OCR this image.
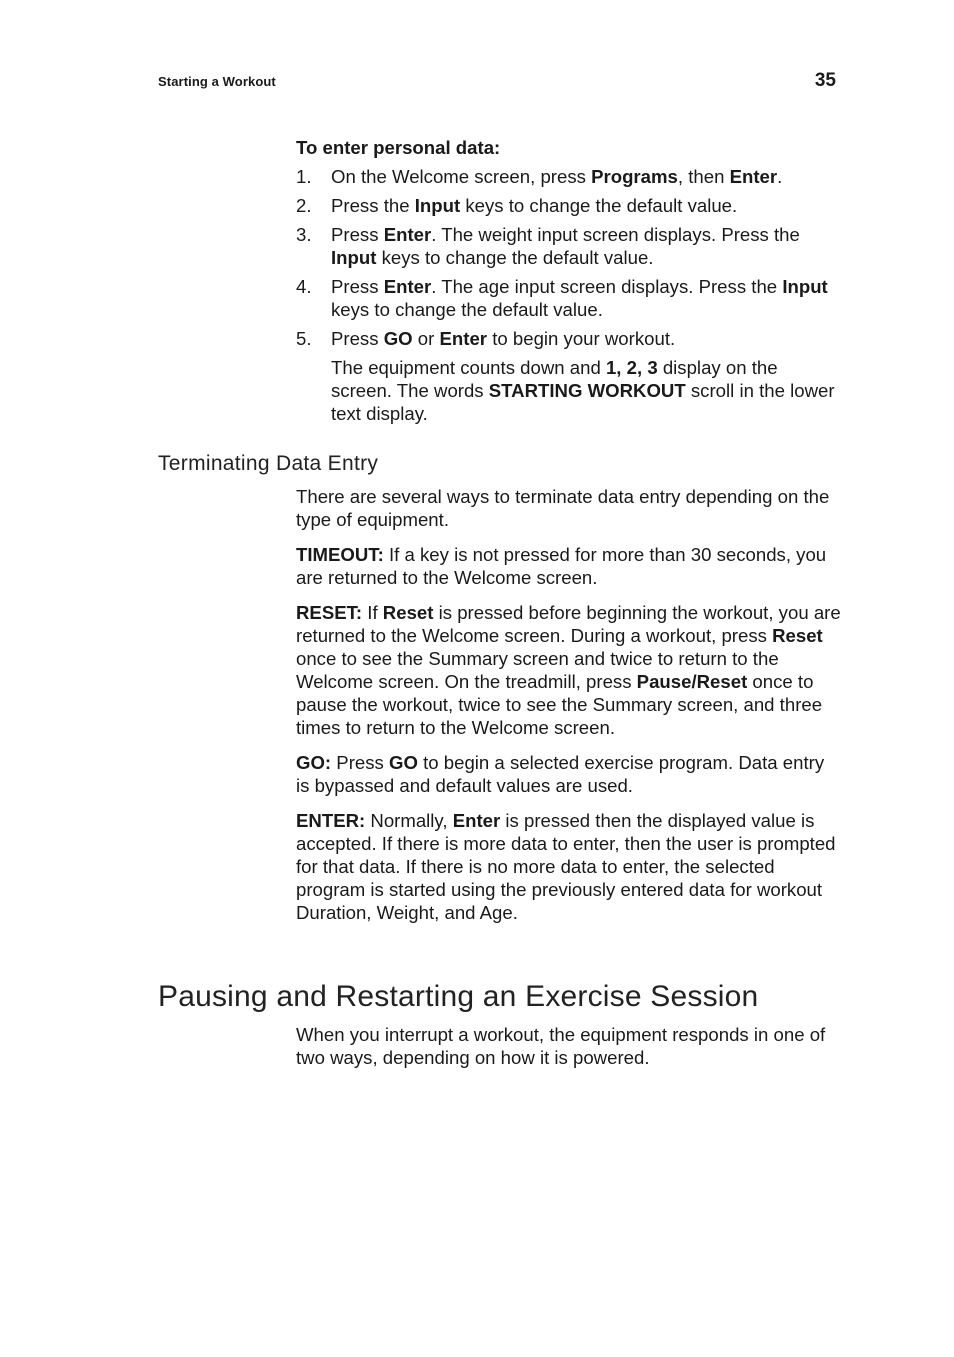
Starting a Workout	35
To enter personal data:
1. On the Welcome screen, press Programs, then Enter.
2. Press the Input keys to change the default value.
3. Press Enter. The weight input screen displays. Press the Input keys to change the default value.
4. Press Enter. The age input screen displays. Press the Input keys to change the default value.
5. Press GO or Enter to begin your workout.
The equipment counts down and 1, 2, 3 display on the screen. The words STARTING WORKOUT scroll in the lower text display.
Terminating Data Entry

There are several ways to terminate data entry depending on the type of equipment.

TIMEOUT: If a key is not pressed for more than 30 seconds, you are returned to the Welcome screen.

RESET: If Reset is pressed before beginning the workout, you are returned to the Welcome screen. During a workout, press Reset once to see the Summary screen and twice to return to the Welcome screen. On the treadmill, press Pause/Reset once to pause the workout, twice to see the Summary screen, and three times to return to the Welcome screen.

GO: Press GO to begin a selected exercise program. Data entry is bypassed and default values are used.

ENTER: Normally, Enter is pressed then the displayed value is accepted. If there is more data to enter, then the user is prompted for that data. If there is no more data to enter, the selected program is started using the previously entered data for workout Duration, Weight, and Age.

Pausing and Restarting an Exercise Session
When you interrupt a workout, the equipment responds in one of two ways, depending on how it is powered.
